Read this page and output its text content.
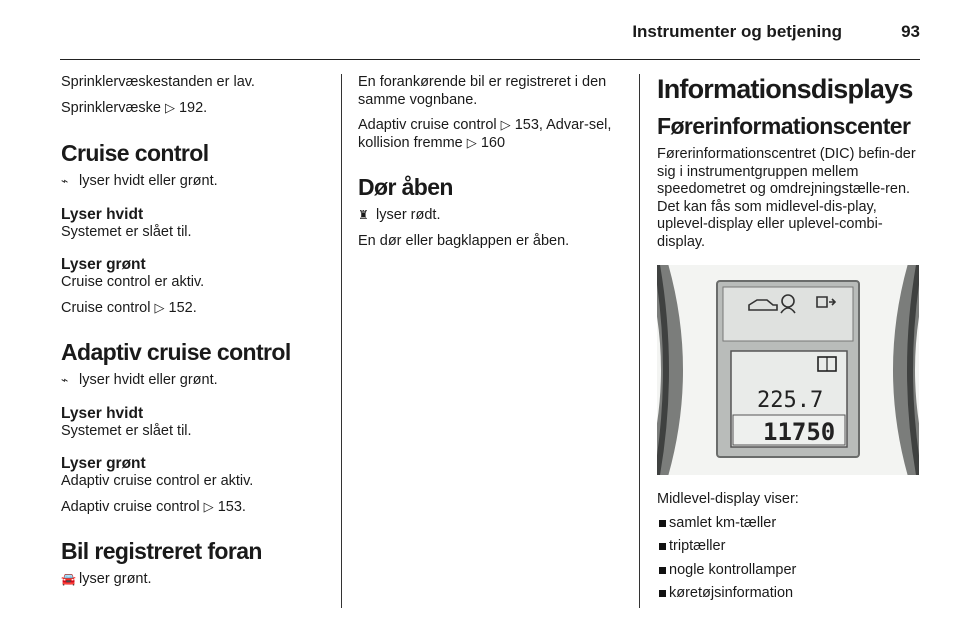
Instrumenter og betjening	93

Sprinklervæskestanden er lav.

Sprinklervæske ▷ 192.

Cruise control

⌁ lyser hvidt eller grønt.

Lyser hvidt

Systemet er slået til.

Lyser grønt

Cruise control er aktiv.

Cruise control ▷ 152.

Adaptiv cruise control

⌁ lyser hvidt eller grønt.

Lyser hvidt

Systemet er slået til.

Lyser grønt

Adaptiv cruise control er aktiv.

Adaptiv cruise control ▷ 153.

Bil registreret foran

🚘 lyser grønt.

En forankørende bil er registreret i den samme vognbane.

Adaptiv cruise control ▷ 153, Advar-sel, kollision fremme ▷ 160

Dør åben

♜ lyser rødt.

En dør eller bagklappen er åben.

Informationsdisplays
Førerinformationscenter

Førerinformationscentret (DIC) befin-der sig i instrumentgruppen mellem speedometret og omdrejningstælle-ren. Det kan fås som midlevel-dis-play, uplevel-display eller uplevel-combi-display.

225.7
11750

Midlevel-display viser:

samlet km-tæller
triptæller
nogle kontrollamper
køretøjsinformation
